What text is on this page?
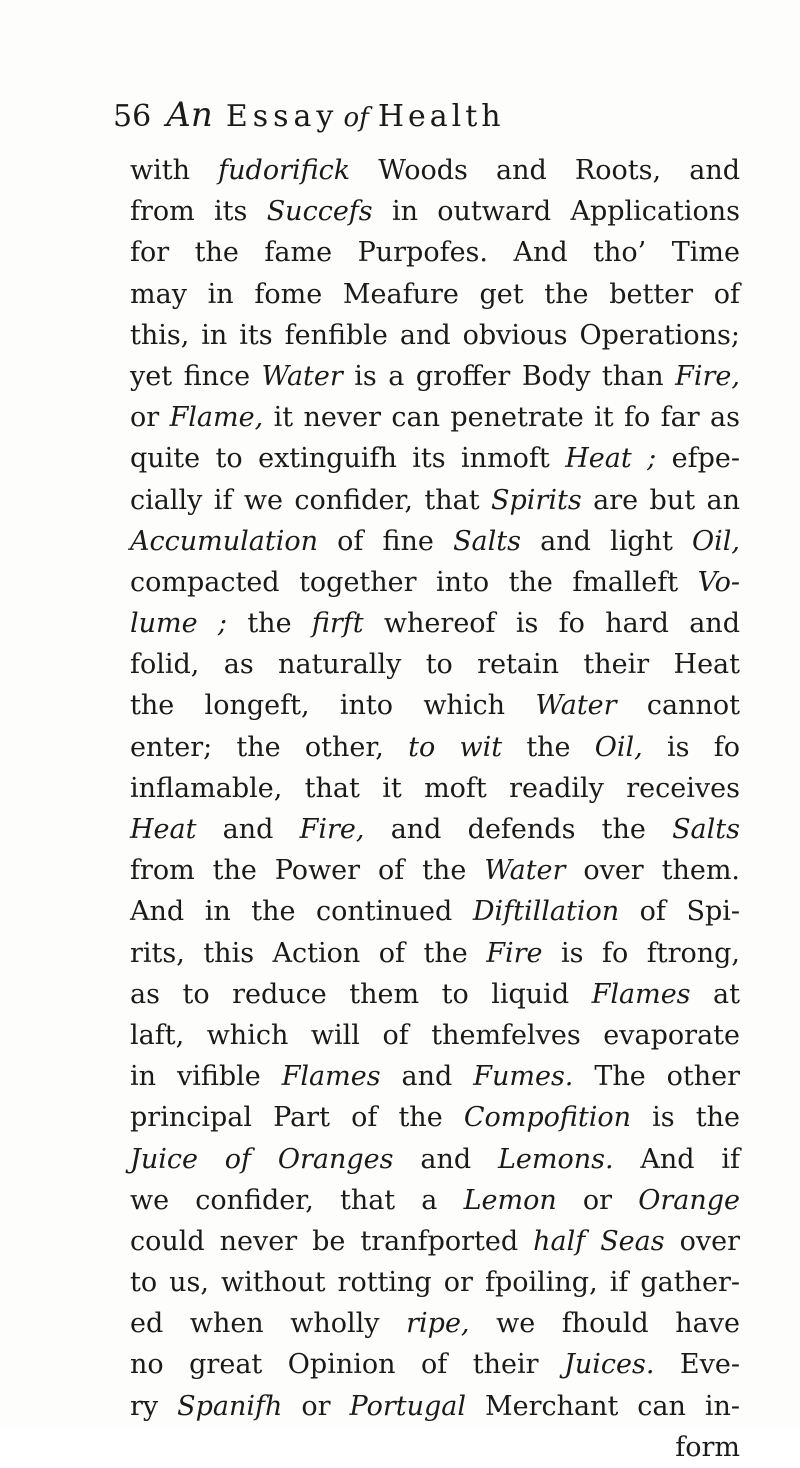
56 An Essay of Health
with fudorifick Woods and Roots, and
from its Succefs in outward Applications
for the fame Purpofes. And tho’ Time
may in fome Meafure get the better of
this, in its fenfible and obvious Operations;
yet fince Water is a groffer Body than Fire,
or Flame, it never can penetrate it fo far as
quite to extinguifh its inmoft Heat ; efpe-
cially if we confider, that Spirits are but an
Accumulation of fine Salts and light Oil,
compacted together into the fmalleft Vo-
lume ; the firft whereof is fo hard and
folid, as naturally to retain their Heat
the longeft, into which Water cannot
enter; the other, to wit the Oil, is fo
inflamable, that it moft readily receives
Heat and Fire, and defends the Salts
from the Power of the Water over them.
And in the continued Diftillation of Spi-
rits, this Action of the Fire is fo ftrong,
as to reduce them to liquid Flames at
laft, which will of themfelves evaporate
in vifible Flames and Fumes. The other
principal Part of the Compofition is the
Juice of Oranges and Lemons. And if
we confider, that a Lemon or Orange
could never be tranfported half Seas over
to us, without rotting or fpoiling, if gather-
ed when wholly ripe, we fhould have
no great Opinion of their Juices. Eve-
ry Spanifh or Portugal Merchant can in-
form
